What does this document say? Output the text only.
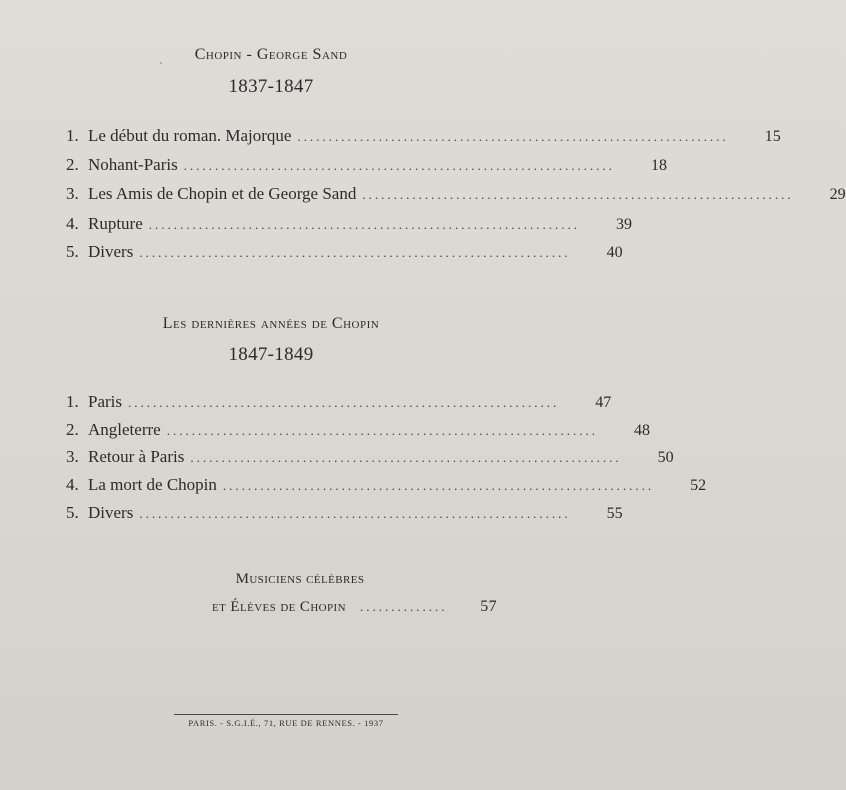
Chopin - George Sand
1837-1847
1. Le début du roman. Majorque .....................................................................	15
2. Nohant-Paris .....................................................................	18
3. Les Amis de Chopin et de George Sand .....................................................................	29
4. Rupture .....................................................................	39
5. Divers .....................................................................	40
Les dernières années de Chopin
1847-1849
1. Paris .....................................................................	47
2. Angleterre .....................................................................	48
3. Retour à Paris .....................................................................	50
4. La mort de Chopin .....................................................................	52
5. Divers .....................................................................	55
Musiciens célèbres
et Élèves de Chopin	..............	57
PARIS. - S.G.I.É., 71, RUE DE RENNES. - 1937
